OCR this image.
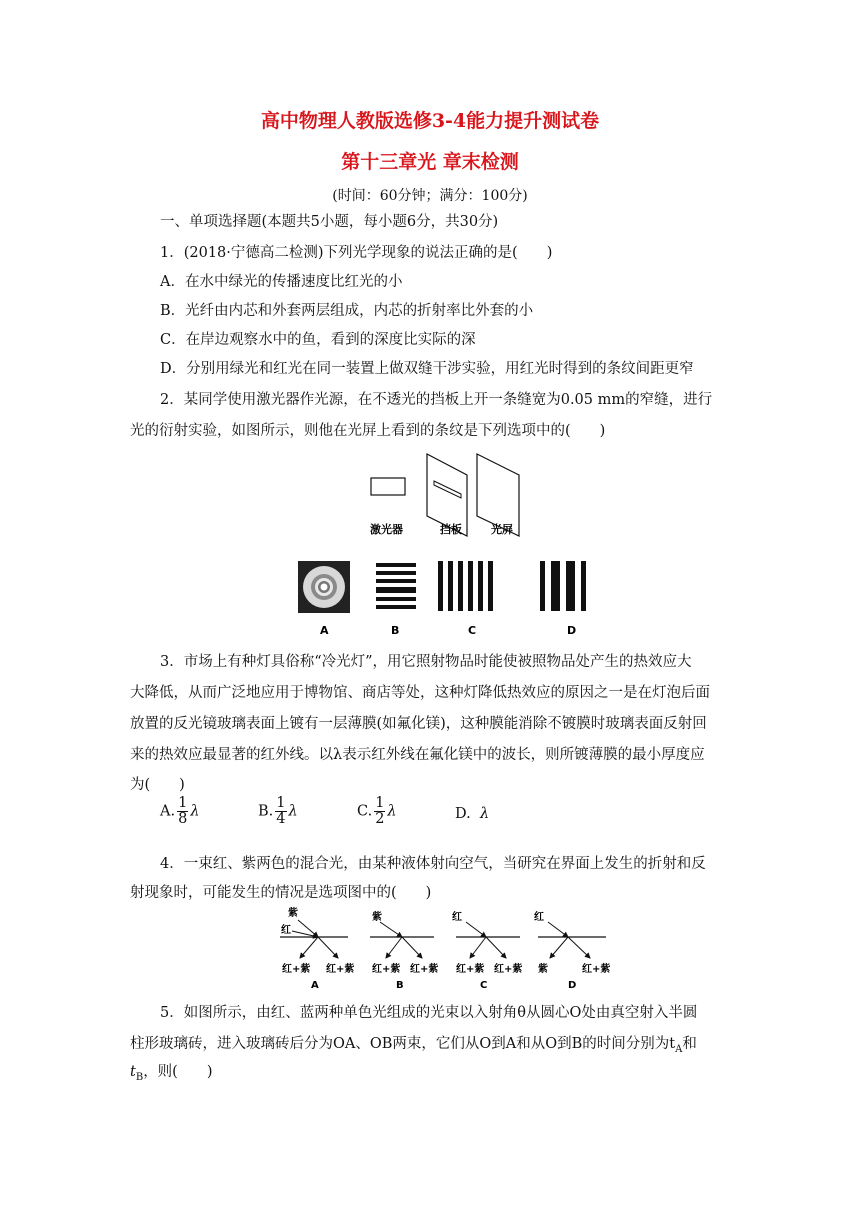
高中物理人教版选修3-4能力提升测试卷
第十三章光 章末检测
(时间：60分钟；满分：100分)
一、单项选择题(本题共5小题，每小题6分，共30分)
1．(2018·宁德高二检测)下列光学现象的说法正确的是(　　)
A．在水中绿光的传播速度比红光的小
B．光纤由内芯和外套两层组成，内芯的折射率比外套的小
C．在岸边观察水中的鱼，看到的深度比实际的深
D．分别用绿光和红光在同一装置上做双缝干涉实验，用红光时得到的条纹间距更窄
2．某同学使用激光器作光源，在不透光的挡板上开一条缝宽为0.05 mm的窄缝，进行
光的衍射实验，如图所示，则他在光屏上看到的条纹是下列选项中的(　　)
激光器	挡板	光屏
A	B	C	D
3．市场上有种灯具俗称“冷光灯”，用它照射物品时能使被照物品处产生的热效应大
大降低，从而广泛地应用于博物馆、商店等处，这种灯降低热效应的原因之一是在灯泡后面
放置的反光镜玻璃表面上镀有一层薄膜(如氟化镁)，这种膜能消除不镀膜时玻璃表面反射回
来的热效应最显著的红外线。以λ表示红外线在氟化镁中的波长，则所镀薄膜的最小厚度应
为(　　)
A. $\frac{1}{8}$ λ	B. $\frac{1}{4}$ λ	C. $\frac{1}{2}$ λ	D. λ
4．一束红、紫两色的混合光，由某种液体射向空气，当研究在界面上发生的折射和反
射现象时，可能发生的情况是选项图中的(　　)
紫
红
红+紫 红+紫
A
紫
红+紫 红+紫
B
红
红+紫 红+紫
C
红
紫	红+紫
D
5．如图所示，由红、蓝两种单色光组成的光束以入射角θ从圆心O处由真空射入半圆
柱形玻璃砖，进入玻璃砖后分为OA、OB两束，它们从O到A和从O到B的时间分别为$t_A$和
$t_B$，则(　　)
